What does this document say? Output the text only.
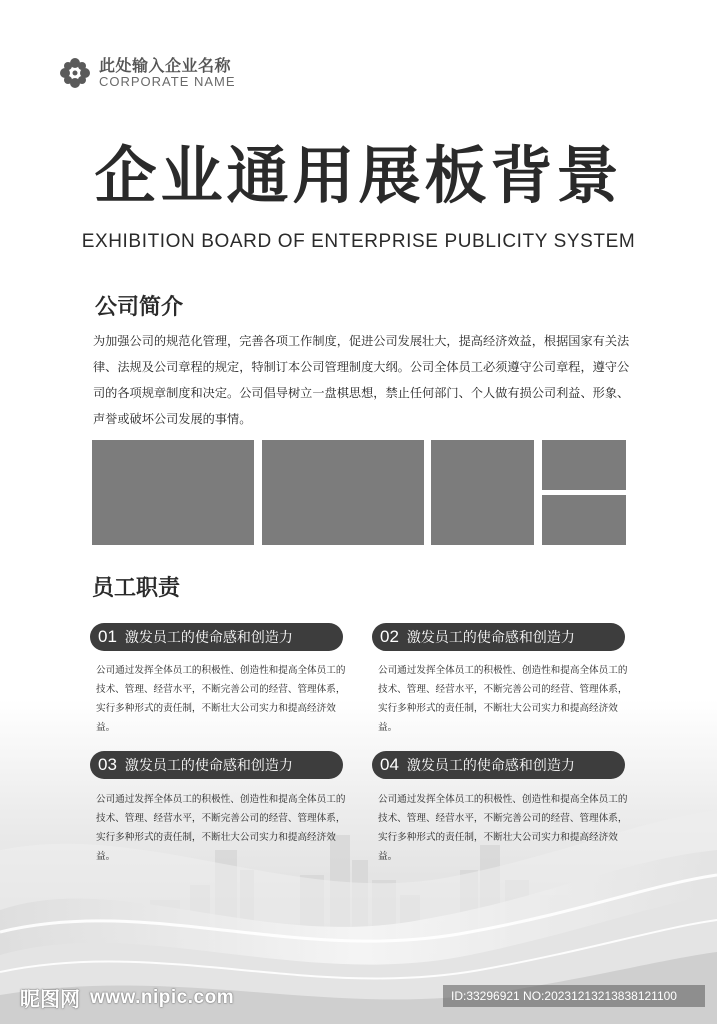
此处输入企业名称
CORPORATE NAME
企业通用展板背景
EXHIBITION BOARD OF ENTERPRISE PUBLICITY SYSTEM
公司简介
为加强公司的规范化管理，完善各项工作制度，促进公司发展壮大，提高经济效益，根据国家有关法律、法规及公司章程的规定，特制订本公司管理制度大纲。公司全体员工必须遵守公司章程，遵守公司的各项规章制度和决定。公司倡导树立一盘棋思想，禁止任何部门、个人做有损公司利益、形象、声誉或破坏公司发展的事情。
员工职责
01 激发员工的使命感和创造力
公司通过发挥全体员工的积极性、创造性和提高全体员工的技术、管理、经营水平，不断完善公司的经营、管理体系，实行多种形式的责任制，不断壮大公司实力和提高经济效益。
02 激发员工的使命感和创造力
公司通过发挥全体员工的积极性、创造性和提高全体员工的技术、管理、经营水平，不断完善公司的经营、管理体系，实行多种形式的责任制，不断壮大公司实力和提高经济效益。
03 激发员工的使命感和创造力
公司通过发挥全体员工的积极性、创造性和提高全体员工的技术、管理、经营水平，不断完善公司的经营、管理体系，实行多种形式的责任制，不断壮大公司实力和提高经济效益。
04 激发员工的使命感和创造力
公司通过发挥全体员工的积极性、创造性和提高全体员工的技术、管理、经营水平，不断完善公司的经营、管理体系，实行多种形式的责任制，不断壮大公司实力和提高经济效益。
昵图网 www.nipic.com	ID:33296921 NO:20231213213838121100
